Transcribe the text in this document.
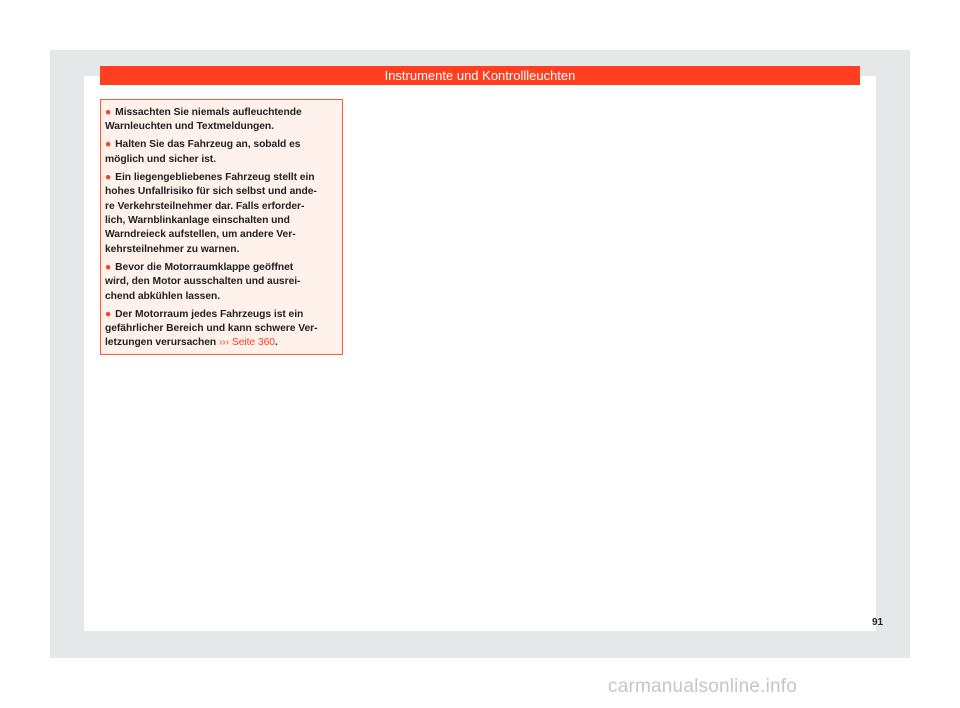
Instrumente und Kontrollleuchten
● Missachten Sie niemals aufleuchtende
Warnleuchten und Textmeldungen.
● Halten Sie das Fahrzeug an, sobald es
möglich und sicher ist.
● Ein liegengebliebenes Fahrzeug stellt ein
hohes Unfallrisiko für sich selbst und ande-
re Verkehrsteilnehmer dar. Falls erforder-
lich, Warnblinkanlage einschalten und
Warndreieck aufstellen, um andere Ver-
kehrsteilnehmer zu warnen.
● Bevor die Motorraumklappe geöffnet
wird, den Motor ausschalten und ausrei-
chend abkühlen lassen.
● Der Motorraum jedes Fahrzeugs ist ein
gefährlicher Bereich und kann schwere Ver-
letzungen verursachen ››› Seite 360.
91
carmanualsonline.info
